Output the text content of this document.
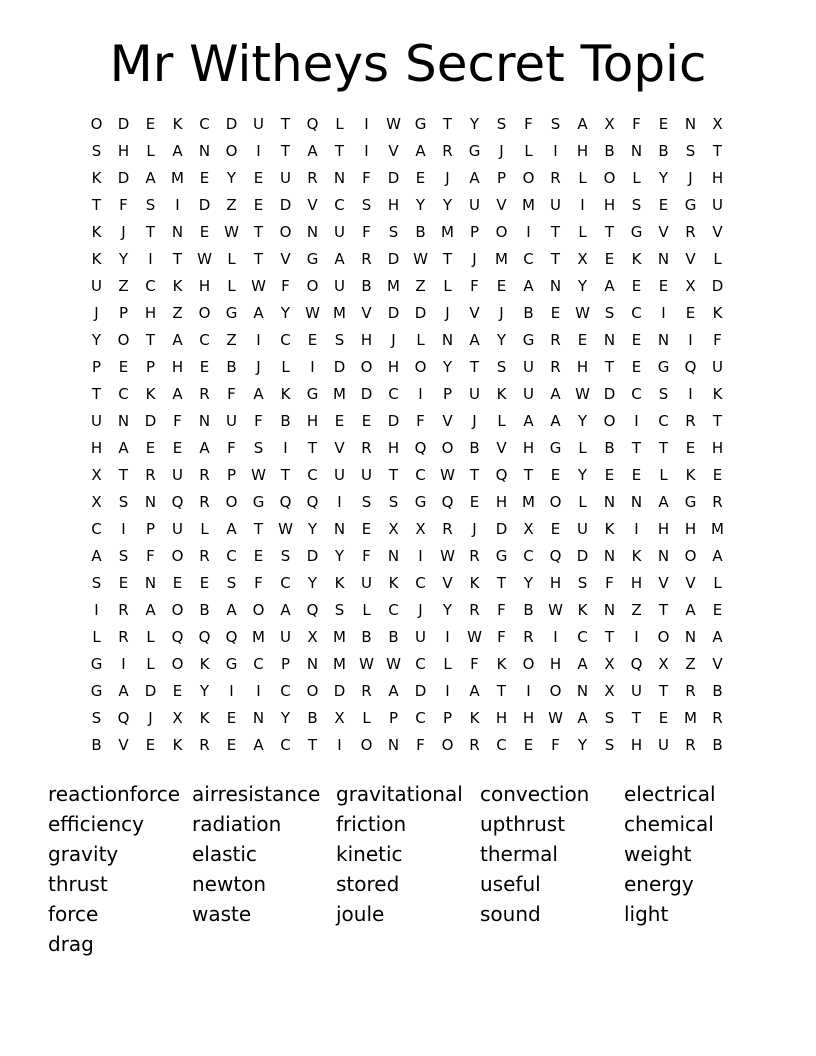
Mr Witheys Secret Topic
O	D	E	K	C	D	U	T	Q	L	I	W G	T	Y	S	F	S	A	X	F	E	N	X
S	H	L	A	N	O	I	T	A	T	I	V	A	R	G	J	L	I	H	B	N	B	S	T
K	D	A	M	E	Y	E	U	R	N	F	D	E	J	A	P	O	R	L	O	L	Y	J	H
T	F	S	I	D	Z	E	D	V	C	S	H	Y	Y	U	V	M	U	I	H	S	E	G	U
K	J	T	N	E W T	O	N	U	F	S	B	M	P	O	I	T	L	T	G	V	R	V
K	Y	I	T	W	L	T	V	G	A	R	D W T	J	M	C	T	X	E	K	N	V	L
U	Z	C	K	H	L	W	F	O	U	B	M	Z	L	F	E	A	N	Y	A	E	E	X	D
J	P	H	Z	O	G	A	Y	W M	V	D	D	J	V	J	B	E W S	C	I	E	K
Y	O	T	A	C	Z	I	C	E	S	H	J	L	N	A	Y	G	R	E	N	E	N	I	F
P	E	P	H	E	B	J	L	I	D	O	H	O	Y	T	S	U	R	H	T	E	G	Q	U
T	C	K	A	R	F	A	K	G M D	C	I	P	U	K	U	A W D	C	S	I	K
U	N	D	F	N	U	F	B	H	E	E	D	F	V	J	L	A	A	Y	O	I	C	R	T
H	A	E	E	A	F	S	I	T	V	R	H	Q	O	B	V	H	G	L	B	T	T	E	H
X	T	R	U	R	P	W T	C	U	U	T	C W T	Q	T	E	Y	E	E	L	K	E
X	S	N	Q	R	O	G	Q	Q	I	S	S	G	Q	E	H M O	L	N	N	A	G	R
C	I	P	U	L	A	T	W Y	N	E	X	X	R	J	D	X	E	U	K	I	H	H M
A	S	F	O	R	C	E	S	D	Y	F	N	I	W R	G	C	Q	D	N	K	N	O	A
S	E	N	E	E	S	F	C	Y	K	U	K	C	V	K	T	Y	H	S	F	H	V	V	L
I	R	A	O	B	A	O	A	Q	S	L	C	J	Y	R	F	B W K	N	Z	T	A	E
L	R	L	Q	Q	Q M	U	X	M	B	B	U	I	W	F	R	I	C	T	I	O	N	A
G	I	L	O	K	G	C	P	N M W W C	L	F	K	O	H	A	X	Q	X	Z	V
G	A	D	E	Y	I	I	C	O	D	R	A	D	I	A	T	I	O	N	X	U	T	R	B
S	Q	J	X	K	E	N	Y	B	X	L	P	C	P	K	H	H W A	S	T	E	M	R
B	V	E	K	R	E	A	C	T	I	O	N	F	O	R	C	E	F	Y	S	H	U	R	B
reactionforce airresistance gravitational convection	electrical
efficiency	radiation	friction	upthrust	chemical
gravity	elastic	kinetic	thermal	weight
thrust	newton	stored	useful	energy
force	waste	joule	sound	light
drag
